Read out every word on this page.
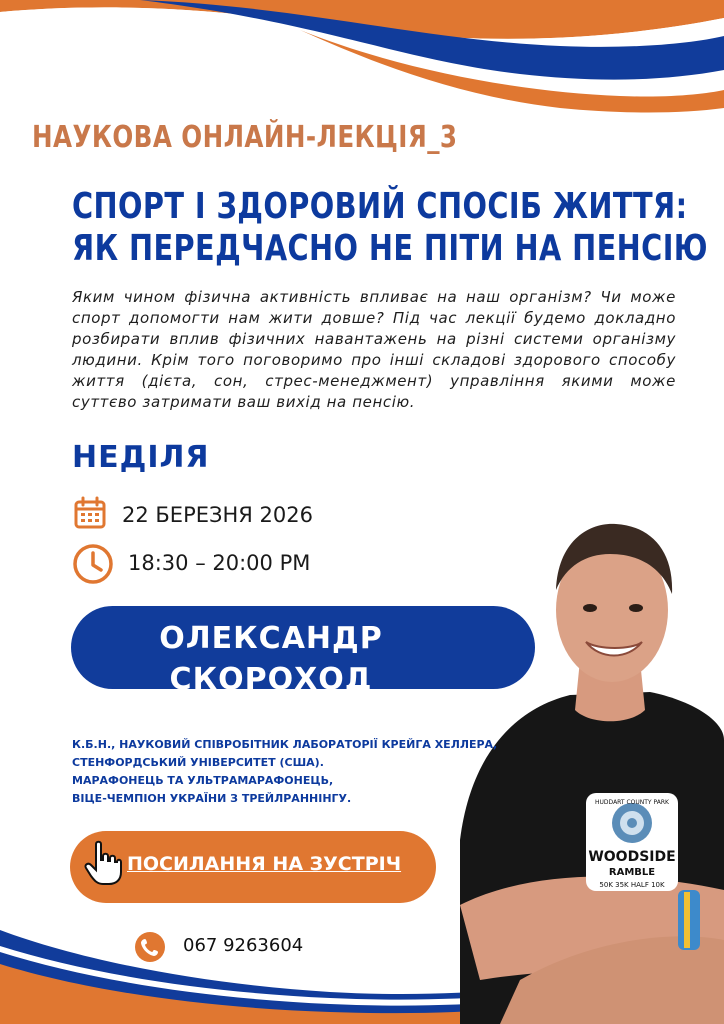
НАУКОВА ОНЛАЙН-ЛЕКЦІЯ_3
СПОРТ І ЗДОРОВИЙ СПОСІБ ЖИТТЯ:
ЯК ПЕРЕДЧАСНО НЕ ПІТИ НА ПЕНСІЮ
Яким чином фізична активність впливає на наш організм? Чи може спорт допомогти нам жити довше? Під час лекції будемо докладно розбирати вплив фізичних навантажень на різні системи організму людини. Крім того поговоримо про інші складові здорового способу життя (дієта, сон, стрес-менеджмент) управління якими може суттєво затримати ваш вихід на пенсію.
НЕДІЛЯ
22 БЕРЕЗНЯ 2026
18:30 – 20:00 PM
HUDDART COUNTY PARK
WOODSIDE
RAMBLE
50K 35K HALF 10K
ОЛЕКСАНДР
СКОРОХОД
К.Б.Н., НАУКОВИЙ СПІВРОБІТНИК ЛАБОРАТОРІЇ КРЕЙГА ХЕЛЛЕРА,
СТЕНФОРДСЬКИЙ УНІВЕРСИТЕТ (США).
МАРАФОНЕЦЬ ТА УЛЬТРАМАРАФОНЕЦЬ,
ВІЦЕ-ЧЕМПІОН УКРАЇНИ З ТРЕЙЛРАННІНГУ.
ПОСИЛАННЯ НА ЗУСТРІЧ
067 9263604
